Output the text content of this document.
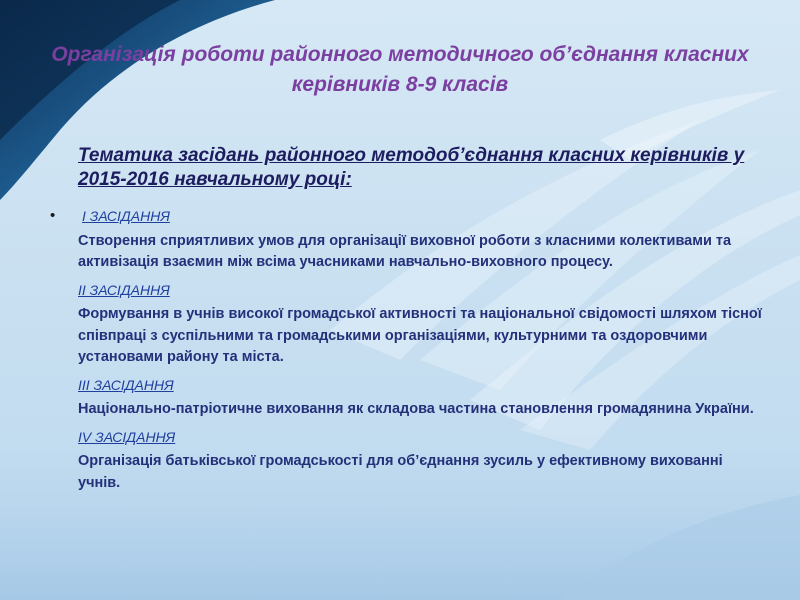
Організація роботи районного методичного об’єднання класних керівників 8-9 класів
Тематика засідань районного методоб’єднання класних керівників у 2015-2016 навчальному році:
• І ЗАСІДАННЯ
Створення сприятливих умов для організації виховної роботи з класними колективами та активізація взаємин між всіма учасниками навчально-виховного процесу.
ІІ ЗАСІДАННЯ
Формування в учнів високої громадської активності та національної свідомості шляхом тісної співпраці з суспільними та громадськими організаціями, культурними та оздоровчими установами району та міста.
ІІІ ЗАСІДАННЯ
Національно-патріотичне виховання як складова частина становлення громадянина України.
IV ЗАСІДАННЯ
Організація батьківської громадськості для об’єднання зусиль у ефективному вихованні учнів.
